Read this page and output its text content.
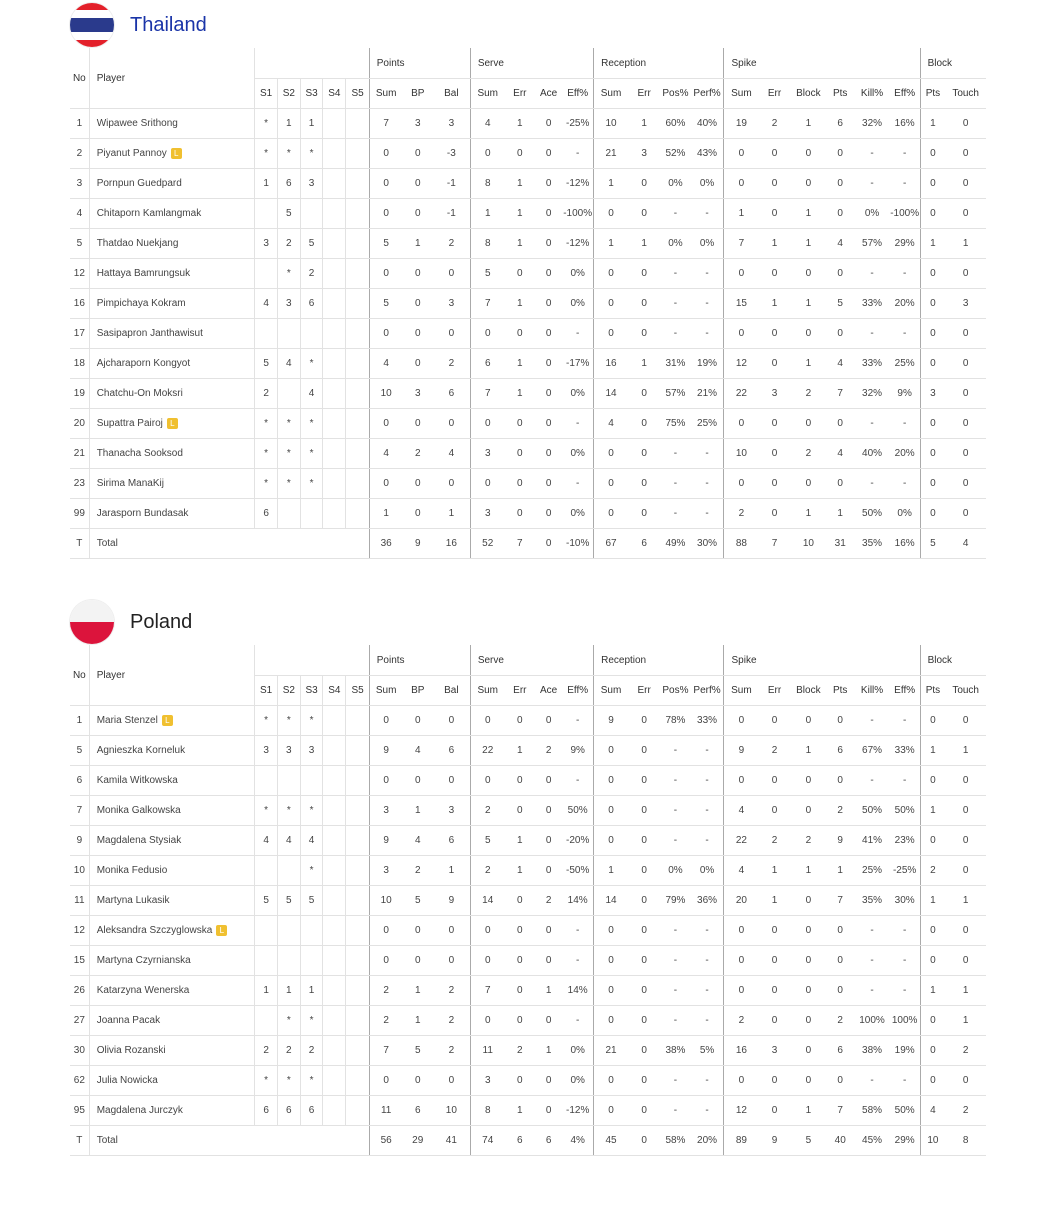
Thailand
No	Player						Points			Serve				Reception				Spike						Block	
		S1	S2	S3	S4	S5	Sum	BP	Bal	Sum	Err	Ace	Eff%	Sum	Err	Pos%	Perf%	Sum	Err	Block	Pts	Kill%	Eff%	Pts	Touch
1	Wipawee Srithong	*	1	1			7	3	3	4	1	0	-25%	10	1	60%	40%	19	2	1	6	32%	16%	1	0
2	Piyanut Pannoy L	*	*	*			0	0	-3	0	0	0	-	21	3	52%	43%	0	0	0	0	-	-	0	0
3	Pornpun Guedpard	1	6	3			0	0	-1	8	1	0	-12%	1	0	0%	0%	0	0	0	0	-	-	0	0
4	Chitaporn Kamlangmak		5				0	0	-1	1	1	0	-100%	0	0	-	-	1	0	1	0	0%	-100%	0	0
5	Thatdao Nuekjang	3	2	5			5	1	2	8	1	0	-12%	1	1	0%	0%	7	1	1	4	57%	29%	1	1
12	Hattaya Bamrungsuk		*	2			0	0	0	5	0	0	0%	0	0	-	-	0	0	0	0	-	-	0	0
16	Pimpichaya Kokram	4	3	6			5	0	3	7	1	0	0%	0	0	-	-	15	1	1	5	33%	20%	0	3
17	Sasipapron Janthawisut						0	0	0	0	0	0	-	0	0	-	-	0	0	0	0	-	-	0	0
18	Ajcharaporn Kongyot	5	4	*			4	0	2	6	1	0	-17%	16	1	31%	19%	12	0	1	4	33%	25%	0	0
19	Chatchu-On Moksri	2		4			10	3	6	7	1	0	0%	14	0	57%	21%	22	3	2	7	32%	9%	3	0
20	Supattra Pairoj L	*	*	*			0	0	0	0	0	0	-	4	0	75%	25%	0	0	0	0	-	-	0	0
21	Thanacha Sooksod	*	*	*			4	2	4	3	0	0	0%	0	0	-	-	10	0	2	4	40%	20%	0	0
23	Sirima ManaKij	*	*	*			0	0	0	0	0	0	-	0	0	-	-	0	0	0	0	-	-	0	0
99	Jarasporn Bundasak	6					1	0	1	3	0	0	0%	0	0	-	-	2	0	1	1	50%	0%	0	0
T	Total						36	9	16	52	7	0	-10%	67	6	49%	30%	88	7	10	31	35%	16%	5	4
Poland
No	Player						Points			Serve				Reception				Spike						Block	
		S1	S2	S3	S4	S5	Sum	BP	Bal	Sum	Err	Ace	Eff%	Sum	Err	Pos%	Perf%	Sum	Err	Block	Pts	Kill%	Eff%	Pts	Touch
1	Maria Stenzel L	*	*	*			0	0	0	0	0	0	-	9	0	78%	33%	0	0	0	0	-	-	0	0
5	Agnieszka Korneluk	3	3	3			9	4	6	22	1	2	9%	0	0	-	-	9	2	1	6	67%	33%	1	1
6	Kamila Witkowska						0	0	0	0	0	0	-	0	0	-	-	0	0	0	0	-	-	0	0
7	Monika Galkowska	*	*	*			3	1	3	2	0	0	50%	0	0	-	-	4	0	0	2	50%	50%	1	0
9	Magdalena Stysiak	4	4	4			9	4	6	5	1	0	-20%	0	0	-	-	22	2	2	9	41%	23%	0	0
10	Monika Fedusio			*			3	2	1	2	1	0	-50%	1	0	0%	0%	4	1	1	1	25%	-25%	2	0
11	Martyna Lukasik	5	5	5			10	5	9	14	0	2	14%	14	0	79%	36%	20	1	0	7	35%	30%	1	1
12	Aleksandra Szczyglowska L						0	0	0	0	0	0	-	0	0	-	-	0	0	0	0	-	-	0	0
15	Martyna Czyrnianska						0	0	0	0	0	0	-	0	0	-	-	0	0	0	0	-	-	0	0
26	Katarzyna Wenerska	1	1	1			2	1	2	7	0	1	14%	0	0	-	-	0	0	0	0	-	-	1	1
27	Joanna Pacak		*	*			2	1	2	0	0	0	-	0	0	-	-	2	0	0	2	100%	100%	0	1
30	Olivia Rozanski	2	2	2			7	5	2	11	2	1	0%	21	0	38%	5%	16	3	0	6	38%	19%	0	2
62	Julia Nowicka	*	*	*			0	0	0	3	0	0	0%	0	0	-	-	0	0	0	0	-	-	0	0
95	Magdalena Jurczyk	6	6	6			11	6	10	8	1	0	-12%	0	0	-	-	12	0	1	7	58%	50%	4	2
T	Total						56	29	41	74	6	6	4%	45	0	58%	20%	89	9	5	40	45%	29%	10	8
